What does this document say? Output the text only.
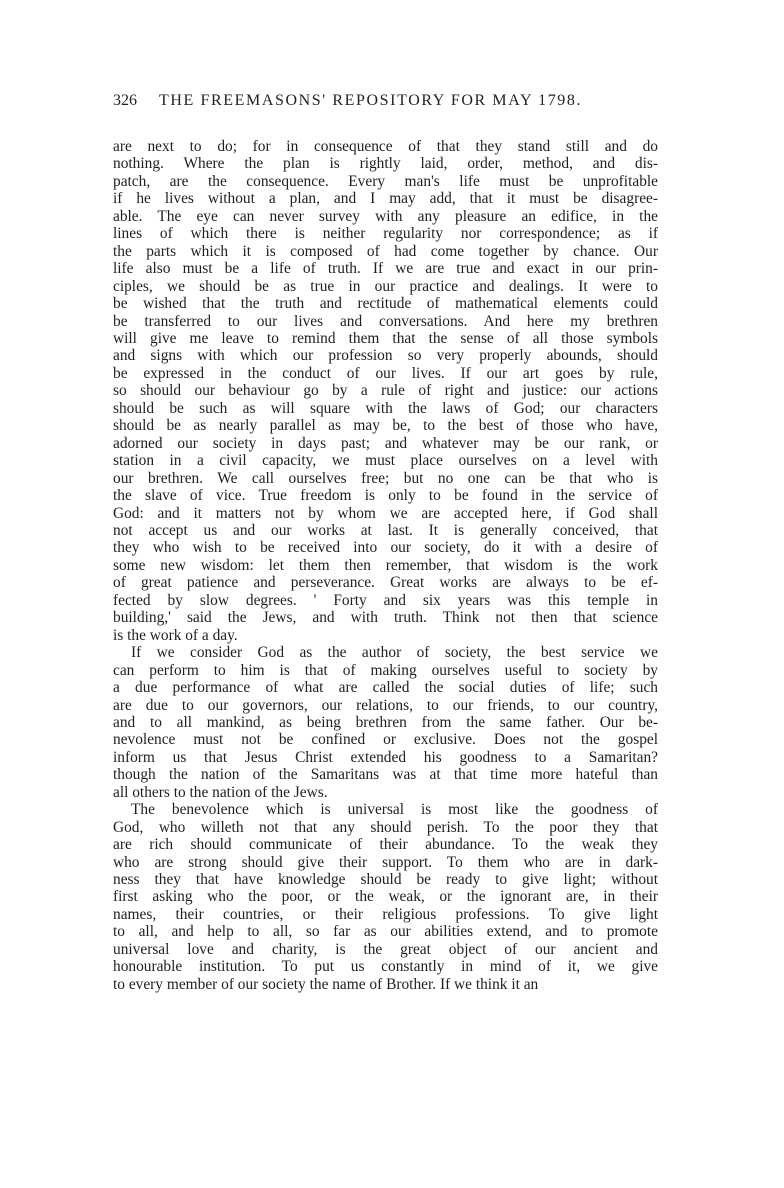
326 THE FREEMASONS' REPOSITORY FOR MAY 1798.
are next to do; for in consequence of that they stand still and do
nothing. Where the plan is rightly laid, order, method, and dis-
patch, are the consequence. Every man's life must be unprofitable
if he lives without a plan, and I may add, that it must be disagree-
able. The eye can never survey with any pleasure an edifice, in the
lines of which there is neither regularity nor correspondence; as if
the parts which it is composed of had come together by chance. Our
life also must be a life of truth. If we are true and exact in our prin-
ciples, we should be as true in our practice and dealings. It were to
be wished that the truth and rectitude of mathematical elements could
be transferred to our lives and conversations. And here my brethren
will give me leave to remind them that the sense of all those symbols
and signs with which our profession so very properly abounds, should
be expressed in the conduct of our lives. If our art goes by rule,
so should our behaviour go by a rule of right and justice: our actions
should be such as will square with the laws of God; our characters
should be as nearly parallel as may be, to the best of those who have,
adorned our society in days past; and whatever may be our rank, or
station in a civil capacity, we must place ourselves on a level with
our brethren. We call ourselves free; but no one can be that who is
the slave of vice. True freedom is only to be found in the service of
God: and it matters not by whom we are accepted here, if God shall
not accept us and our works at last. It is generally conceived, that
they who wish to be received into our society, do it with a desire of
some new wisdom: let them then remember, that wisdom is the work
of great patience and perseverance. Great works are always to be ef-
fected by slow degrees. ' Forty and six years was this temple in
building,' said the Jews, and with truth. Think not then that science
is the work of a day.
If we consider God as the author of society, the best service we
can perform to him is that of making ourselves useful to society by
a due performance of what are called the social duties of life; such
are due to our governors, our relations, to our friends, to our country,
and to all mankind, as being brethren from the same father. Our be-
nevolence must not be confined or exclusive. Does not the gospel
inform us that Jesus Christ extended his goodness to a Samaritan?
though the nation of the Samaritans was at that time more hateful than
all others to the nation of the Jews.
The benevolence which is universal is most like the goodness of
God, who willeth not that any should perish. To the poor they that
are rich should communicate of their abundance. To the weak they
who are strong should give their support. To them who are in dark-
ness they that have knowledge should be ready to give light; without
first asking who the poor, or the weak, or the ignorant are, in their
names, their countries, or their religious professions. To give light
to all, and help to all, so far as our abilities extend, and to promote
universal love and charity, is the great object of our ancient and
honourable institution. To put us constantly in mind of it, we give
to every member of our society the name of Brother. If we think it an
